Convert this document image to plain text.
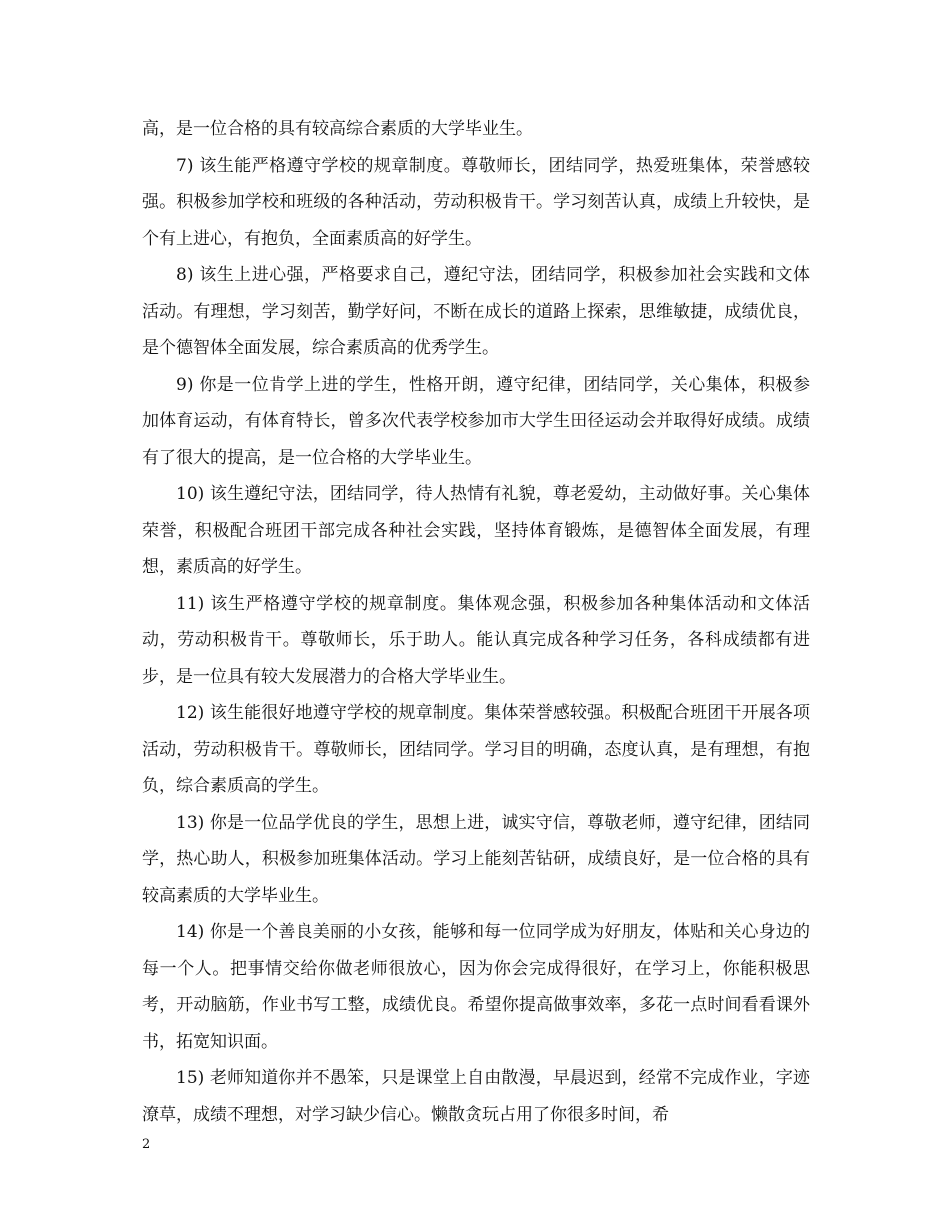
高，是一位合格的具有较高综合素质的大学毕业生。

7) 该生能严格遵守学校的规章制度。尊敬师长，团结同学，热爱班集体，荣誉感较强。积极参加学校和班级的各种活动，劳动积极肯干。学习刻苦认真，成绩上升较快，是个有上进心，有抱负，全面素质高的好学生。

8) 该生上进心强，严格要求自己，遵纪守法，团结同学，积极参加社会实践和文体活动。有理想，学习刻苦，勤学好问，不断在成长的道路上探索，思维敏捷，成绩优良，是个德智体全面发展，综合素质高的优秀学生。

9) 你是一位肯学上进的学生，性格开朗，遵守纪律，团结同学，关心集体，积极参加体育运动，有体育特长，曾多次代表学校参加市大学生田径运动会并取得好成绩。成绩有了很大的提高，是一位合格的大学毕业生。

10) 该生遵纪守法，团结同学，待人热情有礼貌，尊老爱幼，主动做好事。关心集体荣誉，积极配合班团干部完成各种社会实践，坚持体育锻炼，是德智体全面发展，有理想，素质高的好学生。

11) 该生严格遵守学校的规章制度。集体观念强，积极参加各种集体活动和文体活动，劳动积极肯干。尊敬师长，乐于助人。能认真完成各种学习任务，各科成绩都有进步，是一位具有较大发展潜力的合格大学毕业生。

12) 该生能很好地遵守学校的规章制度。集体荣誉感较强。积极配合班团干开展各项活动，劳动积极肯干。尊敬师长，团结同学。学习目的明确，态度认真，是有理想，有抱负，综合素质高的学生。

13) 你是一位品学优良的学生，思想上进，诚实守信，尊敬老师，遵守纪律，团结同学，热心助人，积极参加班集体活动。学习上能刻苦钻研，成绩良好，是一位合格的具有较高素质的大学毕业生。

14) 你是一个善良美丽的小女孩，能够和每一位同学成为好朋友，体贴和关心身边的每一个人。把事情交给你做老师很放心，因为你会完成得很好，在学习上，你能积极思考，开动脑筋，作业书写工整，成绩优良。希望你提高做事效率，多花一点时间看看课外书，拓宽知识面。

15) 老师知道你并不愚笨，只是课堂上自由散漫，早晨迟到，经常不完成作业，字迹潦草，成绩不理想，对学习缺少信心。懒散贪玩占用了你很多时间，希

2
